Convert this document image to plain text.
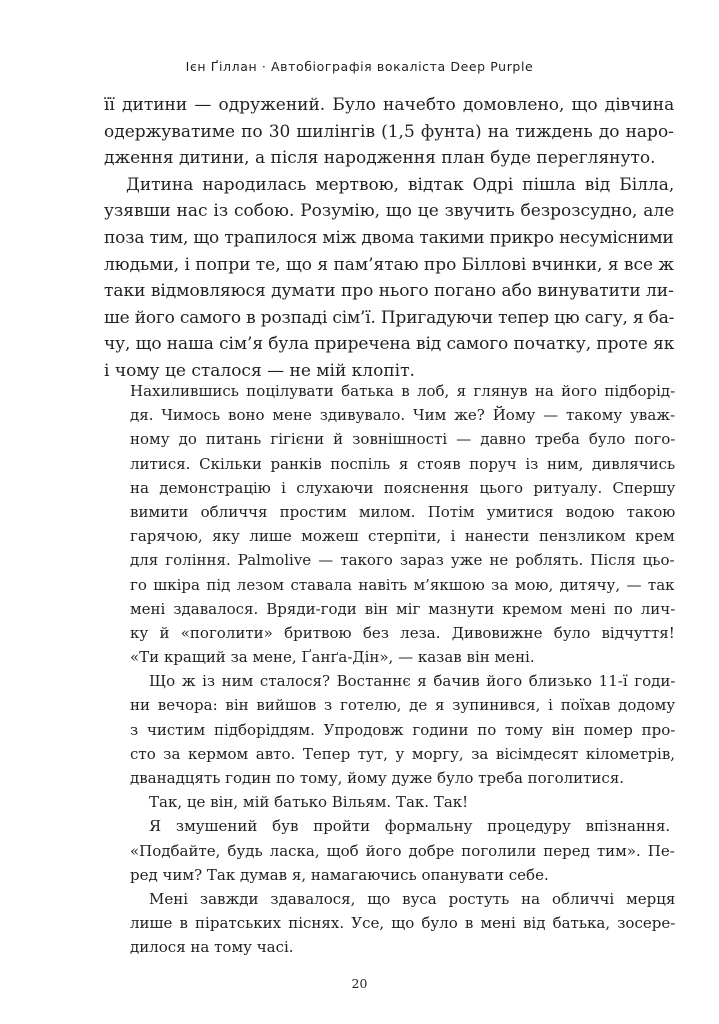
Ієн Ґіллан · Автобіографія вокаліста Deep Purple
її дитини — одружений. Було начебто домовлено, що дівчина
одержуватиме по 30 шилінгів (1,5 фунта) на тиждень до наро-
дження дитини, а після народження план буде переглянуто.
Дитина народилась мертвою, відтак Одрі пішла від Білла,
узявши нас із собою. Розумію, що це звучить безрозсудно, але
поза тим, що трапилося між двома такими прикро несумісними
людьми, і попри те, що я пам’ятаю про Біллові вчинки, я все ж
таки відмовляюся думати про нього погано або винуватити ли-
ше його самого в розпаді сім’ї. Пригадуючи тепер цю сагу, я ба-
чу, що наша сім’я була приречена від самого початку, проте як
і чому це сталося — не мій клопіт.
Нахилившись поцілувати батька в лоб, я глянув на його підборід-
дя. Чимось воно мене здивувало. Чим же? Йому — такому уваж-
ному до питань гігієни й зовнішності — давно треба було пого-
литися. Скільки ранків поспіль я стояв поруч із ним, дивлячись
на демонстрацію і слухаючи пояснення цього ритуалу. Спершу
вимити обличчя простим милом. Потім умитися водою такою
гарячою, яку лише можеш стерпіти, і нанести пензликом крем
для гоління. Palmolive — такого зараз уже не роблять. Після цьо-
го шкіра під лезом ставала навіть м’якшою за мою, дитячу, — так
мені здавалося. Вряди-годи він міг мазнути кремом мені по лич-
ку й «поголити» бритвою без леза. Дивовижне було відчуття!
«Ти кращий за мене, Ґанґа-Дін», — казав він мені.
Що ж із ним сталося? Востаннє я бачив його близько 11-ї годи-
ни вечора: він вийшов з готелю, де я зупинився, і поїхав додому
з чистим підборіддям. Упродовж години по тому він помер про-
сто за кермом авто. Тепер тут, у моргу, за вісімдесят кілометрів,
дванадцять годин по тому, йому дуже було треба поголитися.
Так, це він, мій батько Вільям. Так. Так!
Я змушений був пройти формальну процедуру впізнання.
«Подбайте, будь ласка, щоб його добре поголили перед тим». Пе-
ред чим? Так думав я, намагаючись опанувати себе.
Мені завжди здавалося, що вуса ростуть на обличчі мерця
лише в піратських піснях. Усе, що було в мені від батька, зосере-
дилося на тому часі.
20
